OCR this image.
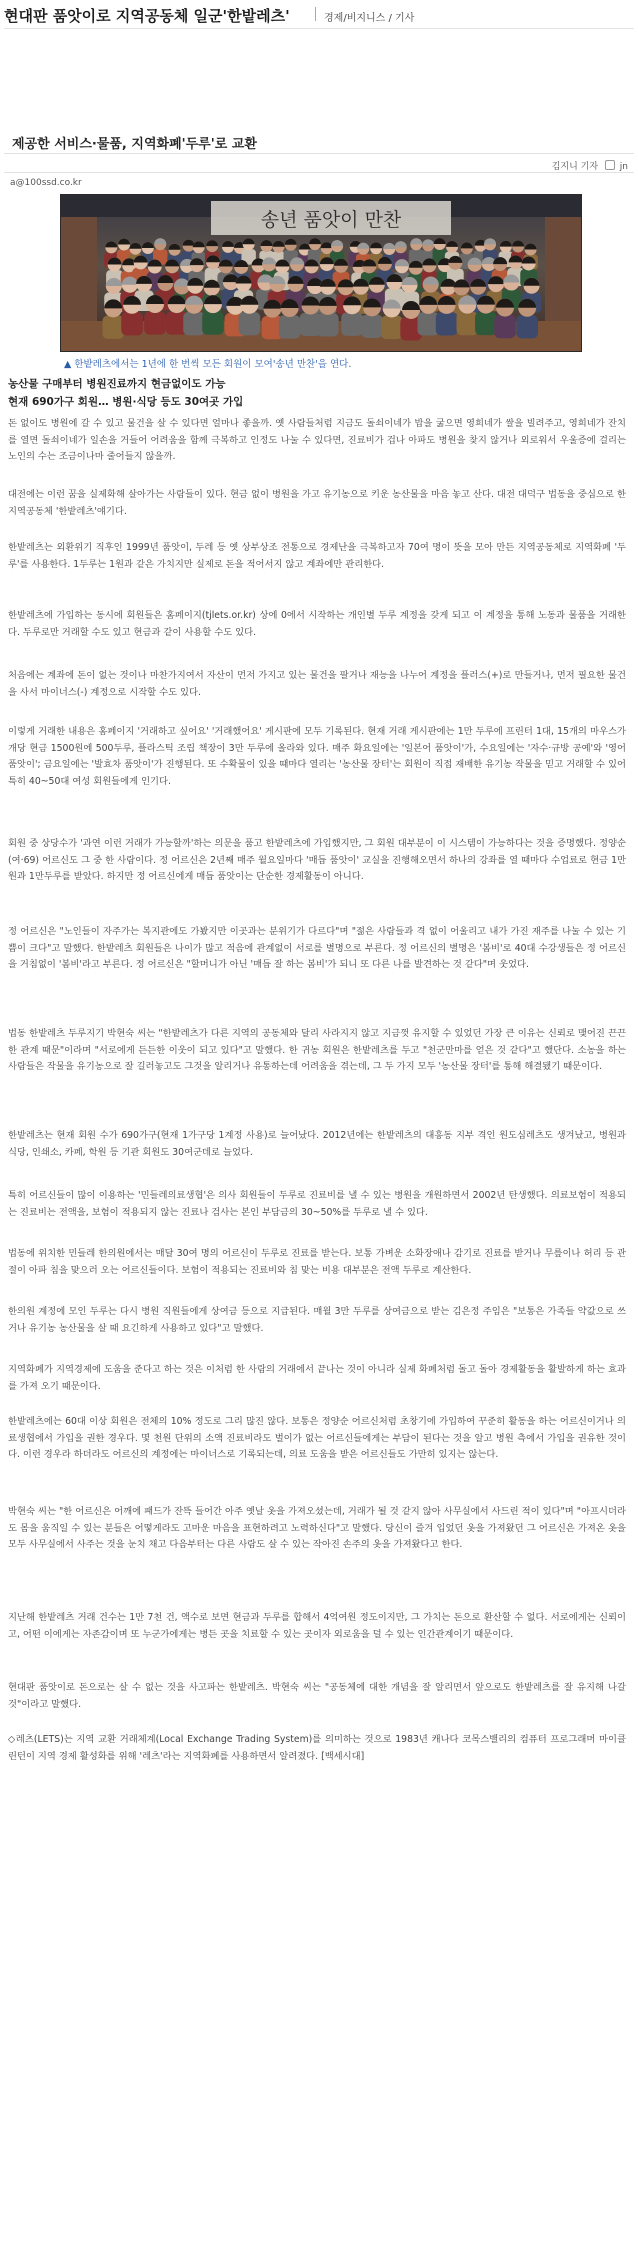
현대판 품앗이로 지역공동체 일군'한밭레츠'	경제/비지니스 / 기사
제공한 서비스·물품, 지역화폐'두루'로 교환
김지니 기자 jn
a@100ssd.co.kr
송년 품앗이 만찬
▲ 한밭레츠에서는 1년에 한 번씩 모든 회원이 모여'송년 만찬'을 연다.
농산물 구매부터 병원진료까지 현금없이도 가능
현재 690가구 회원… 병원·식당 등도 30여곳 가입

돈 없이도 병원에 갈 수 있고 물건을 살 수 있다면 얼마나 좋을까. 옛 사람들처럼 지금도 돌쇠이네가 밥을 굶으면 영희네가 쌀을 빌려주고, 영희네가 잔치를 열면 돌쇠이네가 일손을 거들어 어려움을 함께 극복하고 인정도 나눌 수 있다면, 진료비가 겁나 아파도 병원을 찾지 않거나 외로워서 우울증에 걸리는 노인의 수는 조금이나마 줄어들지 않을까.

대전에는 이런 꿈을 실제화해 살아가는 사람들이 있다. 현금 없이 병원을 가고 유기농으로 키운 농산물을 마음 놓고 산다. 대전 대덕구 법동을 중심으로 한 지역공동체 '한밭레츠'얘기다.

한밭레츠는 외환위기 직후인 1999년 품앗이, 두레 등 옛 상부상조 전통으로 경제난을 극복하고자 70여 명이 뜻을 모아 만든 지역공동체로 지역화폐 '두루'를 사용한다. 1두루는 1원과 같은 가치지만 실제로 돈을 적어서지 않고 계좌에만 관리한다.

한밭레츠에 가입하는 동시에 회원들은 홈페이지(tjlets.or.kr) 상에 0에서 시작하는 개인별 두루 계정을 갖게 되고 이 계정을 통해 노동과 물품을 거래한다. 두루로만 거래할 수도 있고 현금과 같이 사용할 수도 있다.

처음에는 계좌에 돈이 없는 것이나 마찬가지여서 자산이 먼저 가지고 있는 물건을 팔거나 재능을 나누어 계정을 플러스(+)로 만들거나, 먼저 필요한 물건을 사서 마이너스(-) 계정으로 시작할 수도 있다.

이렇게 거래한 내용은 홈페이지 '거래하고 싶어요' '거래했어요' 게시판에 모두 기록된다. 현재 거래 게시판에는 1만 두루에 프린터 1대, 15개의 마우스가 개당 현금 1500원에 500두루, 플라스틱 조립 책장이 3만 두루에 올라와 있다. 매주 화요일에는 '일본어 품앗이'가, 수요일에는 '자수·규방 공예'와 '영어 품앗이'; 금요일에는 '발효차 품앗이'가 진행된다. 또 수확물이 있을 때마다 열리는 '농산물 장터'는 회원이 직접 재배한 유기농 작물을 믿고 거래할 수 있어 특히 40~50대 여성 회원들에게 인기다.

회원 중 상당수가 '과연 이런 거래가 가능할까'하는 의문을 품고 한밭레츠에 가입했지만, 그 회원 대부분이 이 시스템이 가능하다는 것을 증명했다. 정양순(여·69) 어르신도 그 중 한 사람이다. 정 어르신은 2년째 매주 월요일마다 '매듭 품앗이' 교실을 진행해오면서 하나의 강좌를 열 때마다 수업료로 현금 1만 원과 1만두루를 받았다. 하지만 정 어르신에게 매듭 품앗이는 단순한 경제활동이 아니다.

정 어르신은 "노인들이 자주가는 복지관에도 가봤지만 이곳과는 분위기가 다르다"며 "젊은 사람들과 격 없이 어울리고 내가 가진 재주를 나눌 수 있는 기쁨이 크다"고 말했다. 한밭레츠 회원들은 나이가 많고 적음에 관계없이 서로를 별명으로 부른다. 정 어르신의 별명은 '봄비'로 40대 수강생들은 정 어르신을 거침없이 '봄비'라고 부른다. 정 어르신은 "할머니가 아닌 '매듭 잘 하는 봄비'가 되니 또 다른 나를 발견하는 것 같다"며 웃었다.

법동 한밭레츠 두루지기 박현숙 씨는 "한밭레츠가 다른 지역의 공동체와 달리 사라지지 않고 지금껏 유지할 수 있었던 가장 큰 이유는 신뢰로 맺어진 끈끈한 관계 때문"이라며 "서로에게 든든한 이웃이 되고 있다"고 말했다. 한 귀농 회원은 한밭레츠를 두고 "천군만마를 얻은 것 같다"고 했단다. 소농을 하는 사람들은 작물을 유기농으로 잘 길러놓고도 그것을 알리거나 유통하는데 어려움을 겪는데, 그 두 가지 모두 '농산물 장터'를 통해 해결됐기 때문이다.

한밭레츠는 현재 회원 수가 690가구(현재 1가구당 1계정 사용)로 늘어났다. 2012년에는 한밭레츠의 대흥동 지부 격인 원도심레츠도 생겨났고, 병원과 식당, 인쇄소, 카페, 학원 등 기관 회원도 30여군데로 늘었다.

특히 어르신들이 많이 이용하는 '민들레의료생협'은 의사 회원들이 두루로 진료비를 낼 수 있는 병원을 개원하면서 2002년 탄생했다. 의료보험이 적용되는 진료비는 전액을, 보험이 적용되지 않는 진료나 검사는 본인 부담금의 30~50%를 두루로 낼 수 있다.

법동에 위치한 민들레 한의원에서는 매달 30여 명의 어르신이 두루로 진료를 받는다. 보통 가벼운 소화장애나 감기로 진료를 받거나 무릎이나 허리 등 관절이 아파 침을 맞으러 오는 어르신들이다. 보험이 적용되는 진료비와 침 맞는 비용 대부분은 전액 두루로 계산한다.

한의원 계정에 모인 두루는 다시 병원 직원들에게 상여금 등으로 지급된다. 매월 3만 두루를 상여금으로 받는 김은정 주임은 "보통은 가족들 약값으로 쓰거나 유기농 농산물을 살 때 요긴하게 사용하고 있다"고 말했다.

지역화폐가 지역경제에 도움을 준다고 하는 것은 이처럼 한 사람의 거래에서 끝나는 것이 아니라 실제 화폐처럼 돌고 돌아 경제활동을 활발하게 하는 효과를 가져 오기 때문이다.

한밭레츠에는 60대 이상 회원은 전체의 10% 정도로 그리 많진 않다. 보통은 정양순 어르신처럼 초창기에 가입하여 꾸준히 활동을 하는 어르신이거나 의료생협에서 가입을 권한 경우다. 몇 천원 단위의 소액 진료비라도 벌이가 없는 어르신들에게는 부담이 된다는 것을 알고 병원 측에서 가입을 권유한 것이다. 이런 경우라 하더라도 어르신의 계정에는 마이너스로 기록되는데, 의료 도움을 받은 어르신들도 가만히 있지는 않는다.

박현숙 씨는 "한 어르신은 어깨에 패드가 잔뜩 들어간 아주 옛날 옷을 가져오셨는데, 거래가 될 것 같지 않아 사무실에서 사드린 적이 있다"며 "아프시더라도 몸을 움직일 수 있는 분들은 어떻게라도 고마운 마음을 표현하려고 노력하신다"고 말했다. 당신이 즐겨 입었던 옷을 가져왔던 그 어르신은 가져온 옷을 모두 사무실에서 사주는 것을 눈치 채고 다음부터는 다른 사람도 살 수 있는 작아진 손주의 옷을 가져왔다고 한다.

지난해 한밭레츠 거래 건수는 1만 7천 건, 액수로 보면 현금과 두루를 합해서 4억여원 정도이지만, 그 가치는 돈으로 환산할 수 없다. 서로에게는 신뢰이고, 어떤 이에게는 자존감이며 또 누군가에게는 병든 곳을 치료할 수 있는 곳이자 외로움을 덜 수 있는 인간관계이기 때문이다.

현대판 품앗이로 돈으로는 살 수 없는 것을 사고파는 한밭레츠. 박현숙 씨는 "공동체에 대한 개념을 잘 알리면서 앞으로도 한밭레츠를 잘 유지해 나갈 것"이라고 말했다.

◇레츠(LETS)는 지역 교환 거래체계(Local Exchange Trading System)를 의미하는 것으로 1983년 캐나다 코목스밸리의 컴퓨터 프로그래머 마이클 린턴이 지역 경제 활성화를 위해 '레츠'라는 지역화폐를 사용하면서 알려졌다. [백세시대]
